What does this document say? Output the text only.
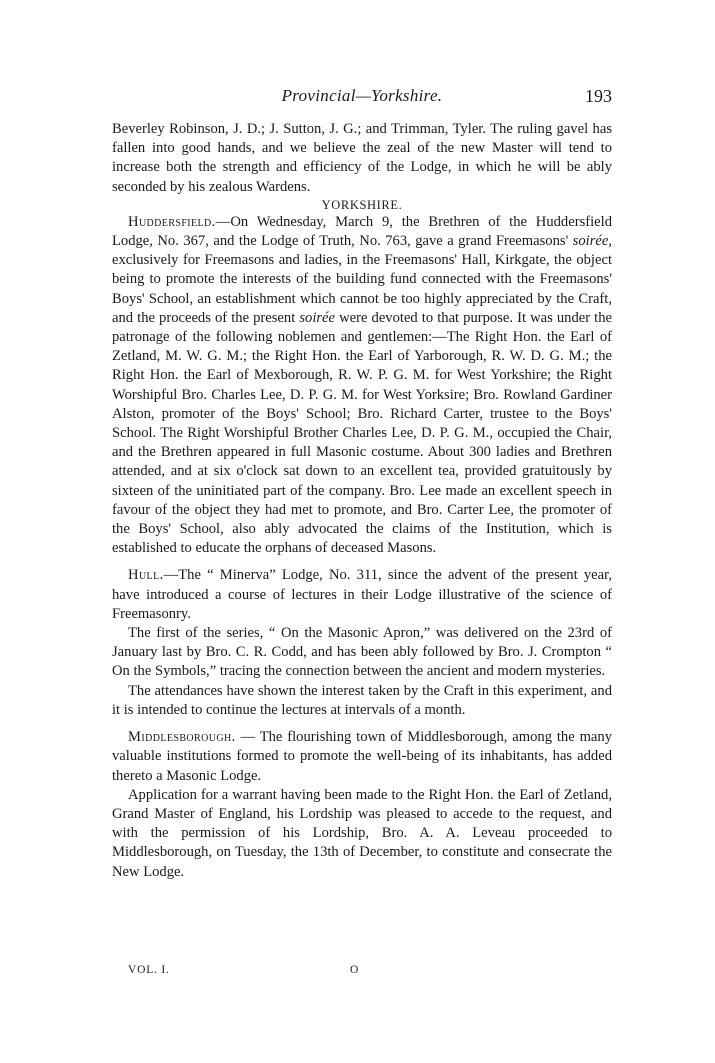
Provincial—Yorkshire.	193

Beverley Robinson, J. D.; J. Sutton, J. G.; and Trimman, Tyler. The ruling gavel has fallen into good hands, and we believe the zeal of the new Master will tend to increase both the strength and efficiency of the Lodge, in which he will be ably seconded by his zealous Wardens.

YORKSHIRE.

Huddersfield.—On Wednesday, March 9, the Brethren of the Huddersfield Lodge, No. 367, and the Lodge of Truth, No. 763, gave a grand Freemasons' soirée, exclusively for Freemasons and ladies, in the Freemasons' Hall, Kirkgate, the object being to promote the interests of the building fund connected with the Freemasons' Boys' School, an establishment which cannot be too highly appreciated by the Craft, and the proceeds of the present soirée were devoted to that purpose. It was under the patronage of the following noblemen and gentlemen:—The Right Hon. the Earl of Zetland, M. W. G. M.; the Right Hon. the Earl of Yarborough, R. W. D. G. M.; the Right Hon. the Earl of Mexborough, R. W. P. G. M. for West Yorkshire; the Right Worshipful Bro. Charles Lee, D. P. G. M. for West Yorksire; Bro. Rowland Gardiner Alston, promoter of the Boys' School; Bro. Richard Carter, trustee to the Boys' School. The Right Worshipful Brother Charles Lee, D. P. G. M., occupied the Chair, and the Brethren appeared in full Masonic costume. About 300 ladies and Brethren attended, and at six o'clock sat down to an excellent tea, provided gratuitously by sixteen of the uninitiated part of the company. Bro. Lee made an excellent speech in favour of the object they had met to promote, and Bro. Carter Lee, the promoter of the Boys' School, also ably advocated the claims of the Institution, which is established to educate the orphans of deceased Masons.

Hull.—The “ Minerva” Lodge, No. 311, since the advent of the present year, have introduced a course of lectures in their Lodge illustrative of the science of Freemasonry.

The first of the series, “ On the Masonic Apron,” was delivered on the 23rd of January last by Bro. C. R. Codd, and has been ably followed by Bro. J. Crompton “ On the Symbols,” tracing the connection between the ancient and modern mysteries.

The attendances have shown the interest taken by the Craft in this experiment, and it is intended to continue the lectures at intervals of a month.

Middlesborough. — The flourishing town of Middlesborough, among the many valuable institutions formed to promote the well-being of its inhabitants, has added thereto a Masonic Lodge.

Application for a warrant having been made to the Right Hon. the Earl of Zetland, Grand Master of England, his Lordship was pleased to accede to the request, and with the permission of his Lordship, Bro. A. A. Leveau proceeded to Middlesborough, on Tuesday, the 13th of December, to constitute and consecrate the New Lodge.

VOL. I.	O
